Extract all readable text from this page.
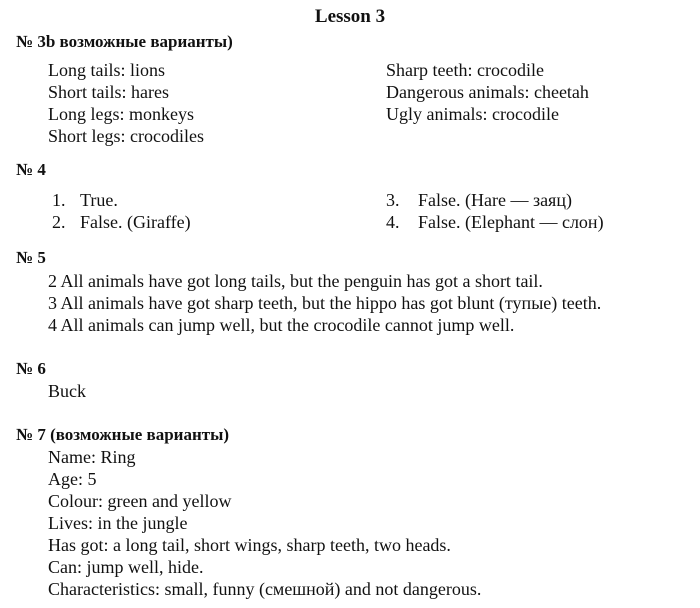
Lesson 3
№ 3b возможные варианты)
Long tails: lions
Short tails: hares
Long legs: monkeys
Short legs: crocodiles
Sharp teeth: crocodile
Dangerous animals: cheetah
Ugly animals: crocodile
№ 4
1. True.
2. False. (Giraffe)
3. False. (Hare — заяц)
4. False. (Elephant — слон)
№ 5
2 All animals have got long tails, but the penguin has got a short tail.
3 All animals have got sharp teeth, but the hippo has got blunt (тупые) teeth.
4 All animals can jump well, but the crocodile cannot jump well.
№ 6
Buck
№ 7 (возможные варианты)
Name: Ring
Age: 5
Colour: green and yellow
Lives: in the jungle
Has got: a long tail, short wings, sharp teeth, two heads.
Can: jump well, hide.
Characteristics: small, funny (смешной) and not dangerous.
